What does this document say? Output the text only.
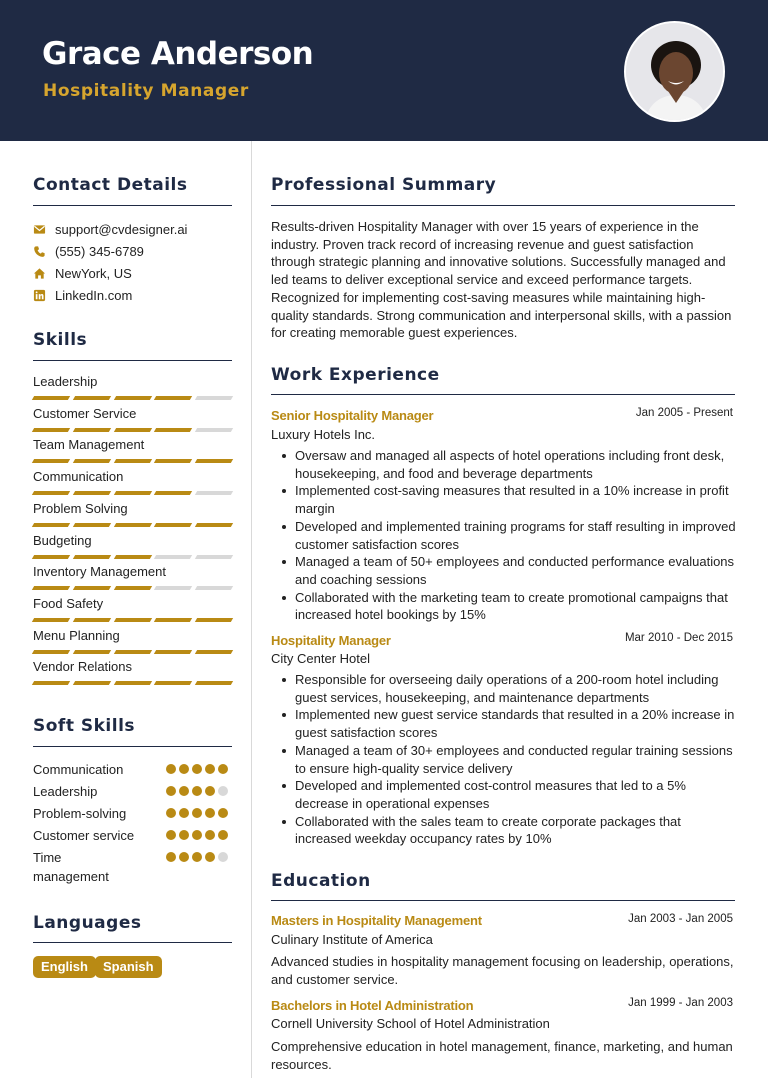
Grace Anderson
Hospitality Manager
Contact Details
support@cvdesigner.ai
(555) 345-6789
NewYork, US
LinkedIn.com
Skills
Leadership
Customer Service
Team Management
Communication
Problem Solving
Budgeting
Inventory Management
Food Safety
Menu Planning
Vendor Relations
Soft Skills
Communication
Leadership
Problem-solving
Customer service
Time management
Languages
English	Spanish
Professional Summary
Results-driven Hospitality Manager with over 15 years of experience in the industry. Proven track record of increasing revenue and guest satisfaction through strategic planning and innovative solutions. Successfully managed and led teams to deliver exceptional service and exceed performance targets. Recognized for implementing cost-saving measures while maintaining high-quality standards. Strong communication and interpersonal skills, with a passion for creating memorable guest experiences.
Work Experience
Senior Hospitality Manager	Jan 2005 - Present
Luxury Hotels Inc.
Oversaw and managed all aspects of hotel operations including front desk, housekeeping, and food and beverage departments
Implemented cost-saving measures that resulted in a 10% increase in profit margin
Developed and implemented training programs for staff resulting in improved customer satisfaction scores
Managed a team of 50+ employees and conducted performance evaluations and coaching sessions
Collaborated with the marketing team to create promotional campaigns that increased hotel bookings by 15%
Hospitality Manager	Mar 2010 - Dec 2015
City Center Hotel
Responsible for overseeing daily operations of a 200-room hotel including guest services, housekeeping, and maintenance departments
Implemented new guest service standards that resulted in a 20% increase in guest satisfaction scores
Managed a team of 30+ employees and conducted regular training sessions to ensure high-quality service delivery
Developed and implemented cost-control measures that led to a 5% decrease in operational expenses
Collaborated with the sales team to create corporate packages that increased weekday occupancy rates by 10%
Education
Masters in Hospitality Management	Jan 2003 - Jan 2005
Culinary Institute of America
Advanced studies in hospitality management focusing on leadership, operations, and customer service.
Bachelors in Hotel Administration	Jan 1999 - Jan 2003
Cornell University School of Hotel Administration
Comprehensive education in hotel management, finance, marketing, and human resources.
